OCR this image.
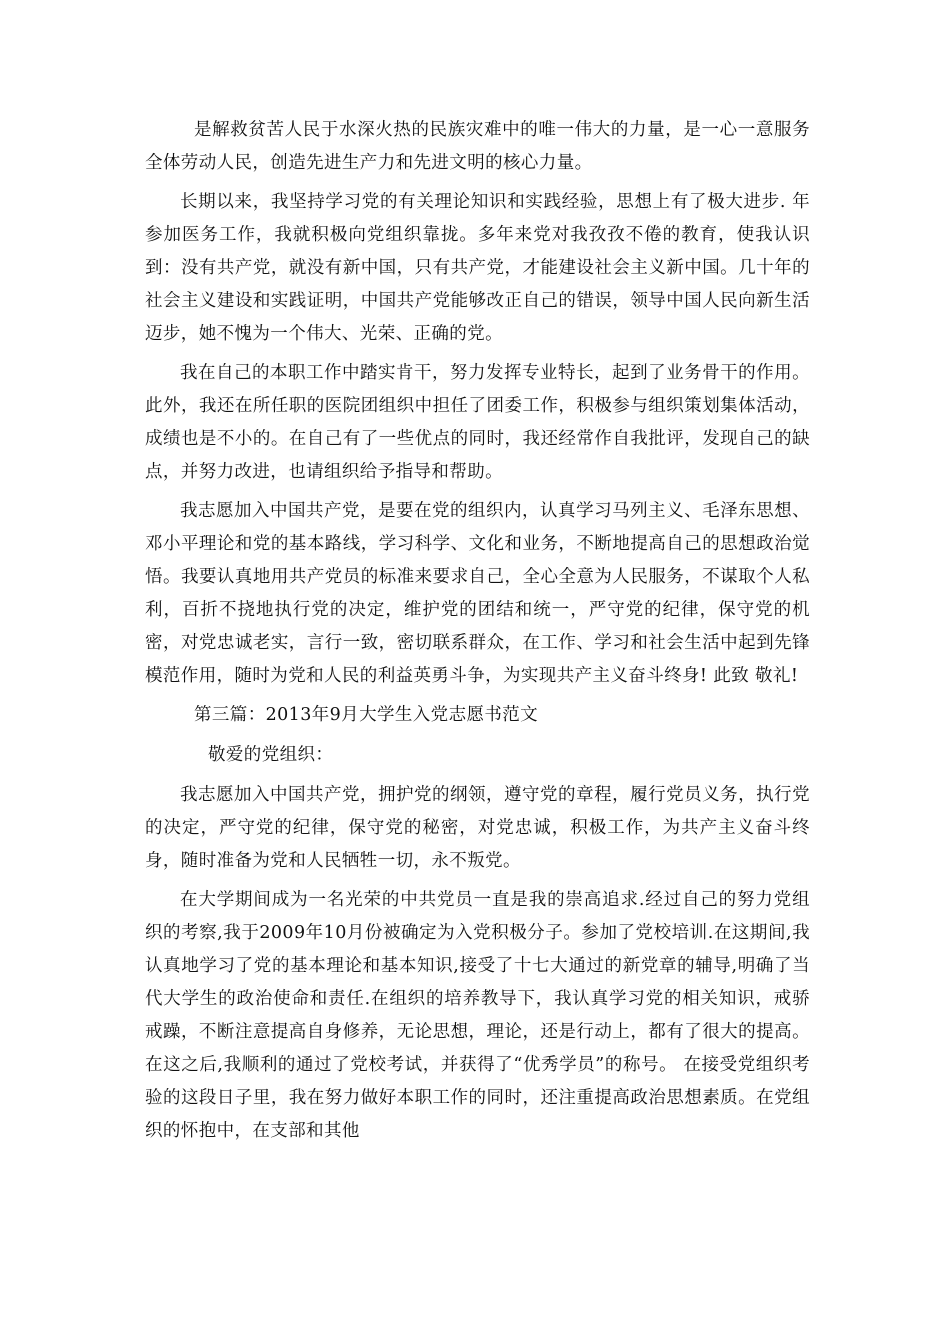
是解救贫苦人民于水深火热的民族灾难中的唯一伟大的力量，是一心一意服务全体劳动人民，创造先进生产力和先进文明的核心力量。

长期以来，我坚持学习党的有关理论知识和实践经验，思想上有了极大进步. 年参加医务工作，我就积极向党组织靠拢。多年来党对我孜孜不倦的教育，使我认识到：没有共产党，就没有新中国，只有共产党，才能建设社会主义新中国。几十年的社会主义建设和实践证明，中国共产党能够改正自己的错误，领导中国人民向新生活迈步，她不愧为一个伟大、光荣、正确的党。

我在自己的本职工作中踏实肯干，努力发挥专业特长，起到了业务骨干的作用。此外，我还在所任职的医院团组织中担任了团委工作，积极参与组织策划集体活动，成绩也是不小的。在自己有了一些优点的同时，我还经常作自我批评，发现自己的缺点，并努力改进，也请组织给予指导和帮助。

我志愿加入中国共产党，是要在党的组织内，认真学习马列主义、毛泽东思想、邓小平理论和党的基本路线，学习科学、文化和业务，不断地提高自己的思想政治觉悟。我要认真地用共产党员的标准来要求自己，全心全意为人民服务，不谋取个人私利，百折不挠地执行党的决定，维护党的团结和统一，严守党的纪律，保守党的机密，对党忠诚老实，言行一致，密切联系群众，在工作、学习和社会生活中起到先锋模范作用，随时为党和人民的利益英勇斗争，为实现共产主义奋斗终身! 此致 敬礼!

第三篇：2013年9月大学生入党志愿书范文

敬爱的党组织：

我志愿加入中国共产党，拥护党的纲领，遵守党的章程，履行党员义务，执行党的决定，严守党的纪律，保守党的秘密，对党忠诚，积极工作，为共产主义奋斗终身，随时准备为党和人民牺牲一切，永不叛党。

在大学期间成为一名光荣的中共党员一直是我的崇高追求.经过自己的努力党组织的考察,我于2009年10月份被确定为入党积极分子。参加了党校培训.在这期间,我认真地学习了党的基本理论和基本知识,接受了十七大通过的新党章的辅导,明确了当代大学生的政治使命和责任.在组织的培养教导下，我认真学习党的相关知识，戒骄戒躁，不断注意提高自身修养，无论思想，理论，还是行动上，都有了很大的提高。在这之后,我顺利的通过了党校考试，并获得了“优秀学员”的称号。 在接受党组织考验的这段日子里，我在努力做好本职工作的同时，还注重提高政治思想素质。在党组织的怀抱中，在支部和其他
